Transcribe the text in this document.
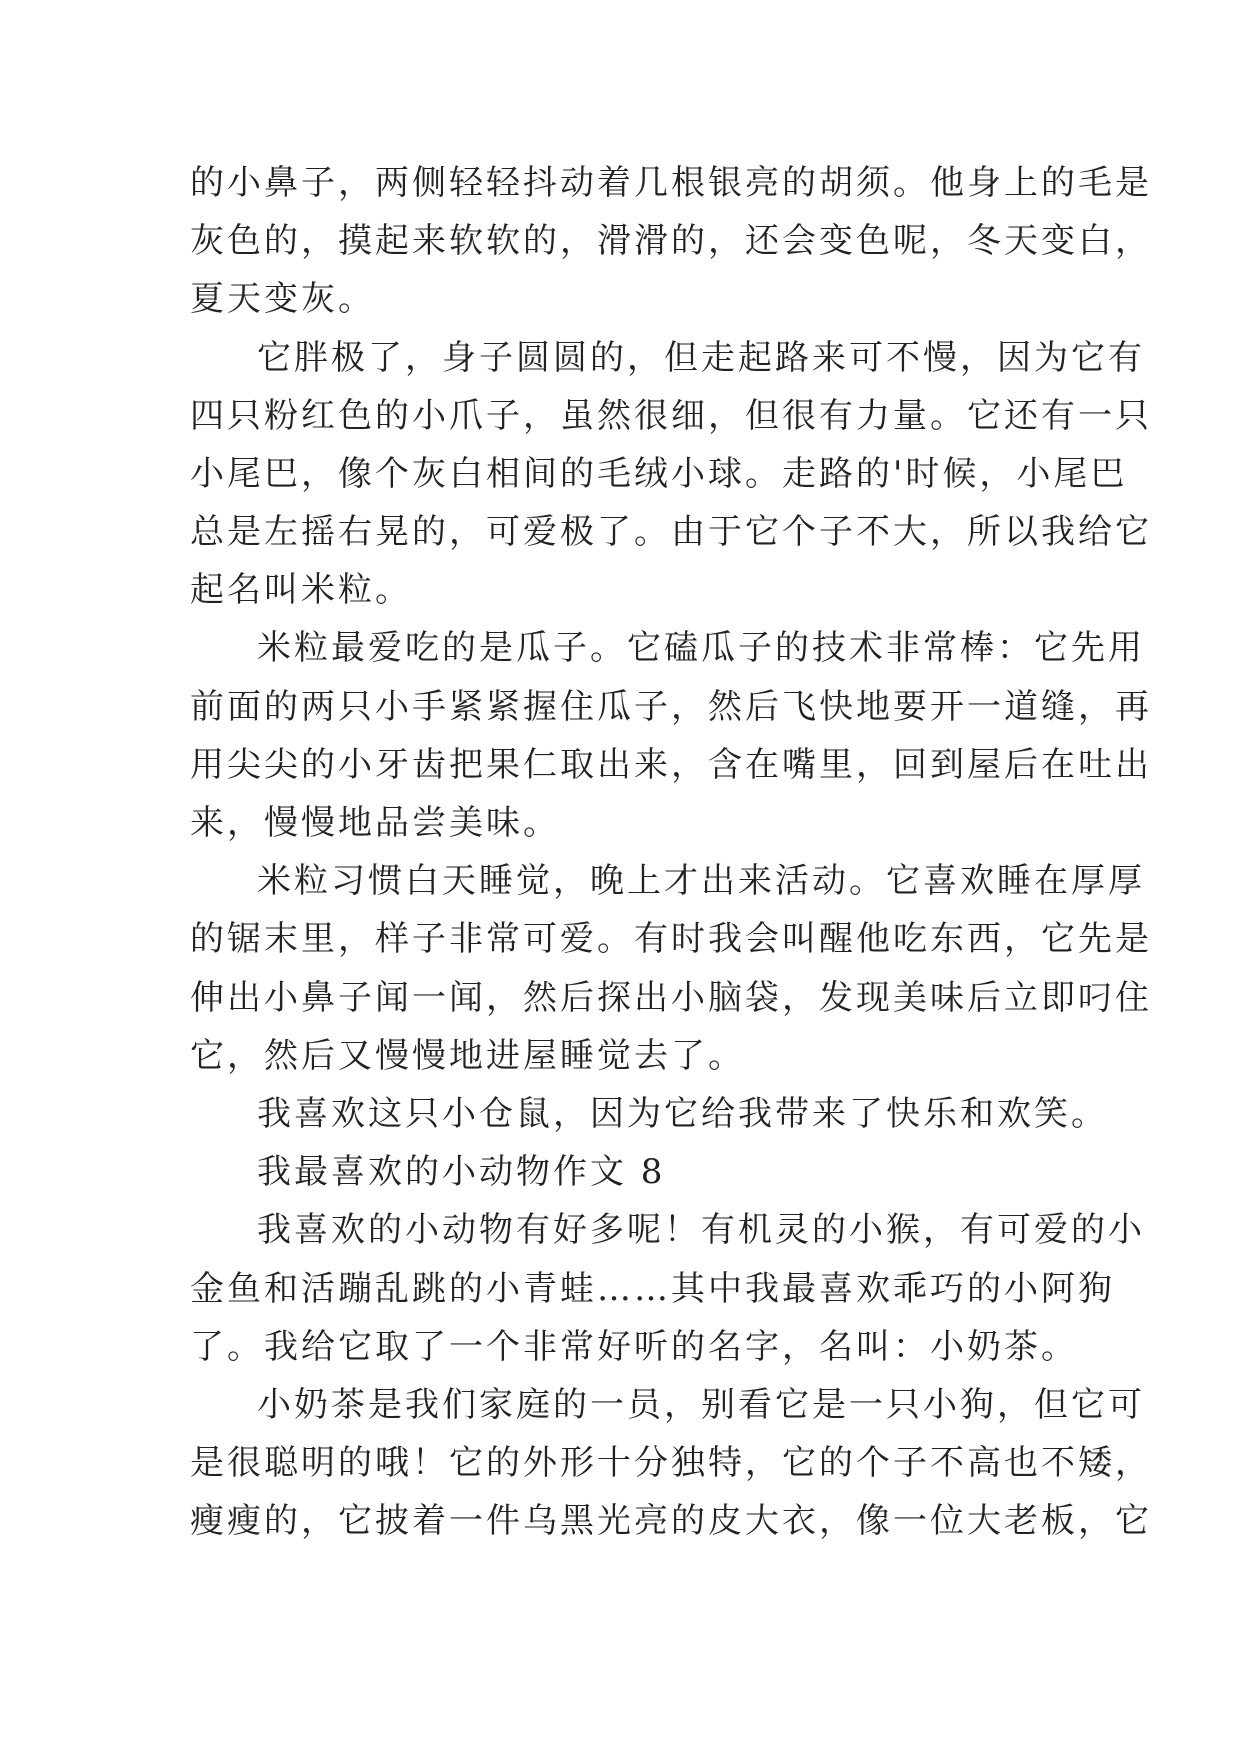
的小鼻子，两侧轻轻抖动着几根银亮的胡须。他身上的毛是
灰色的，摸起来软软的，滑滑的，还会变色呢，冬天变白，
夏天变灰。
它胖极了，身子圆圆的，但走起路来可不慢，因为它有
四只粉红色的小爪子，虽然很细，但很有力量。它还有一只
小尾巴，像个灰白相间的毛绒小球。走路的'时候，小尾巴
总是左摇右晃的，可爱极了。由于它个子不大，所以我给它
起名叫米粒。
米粒最爱吃的是瓜子。它磕瓜子的技术非常棒：它先用
前面的两只小手紧紧握住瓜子，然后飞快地要开一道缝，再
用尖尖的小牙齿把果仁取出来，含在嘴里，回到屋后在吐出
来，慢慢地品尝美味。
米粒习惯白天睡觉，晚上才出来活动。它喜欢睡在厚厚
的锯末里，样子非常可爱。有时我会叫醒他吃东西，它先是
伸出小鼻子闻一闻，然后探出小脑袋，发现美味后立即叼住
它，然后又慢慢地进屋睡觉去了。
我喜欢这只小仓鼠，因为它给我带来了快乐和欢笑。
我最喜欢的小动物作文 8
我喜欢的小动物有好多呢！有机灵的小猴，有可爱的小
金鱼和活蹦乱跳的小青蛙……其中我最喜欢乖巧的小阿狗
了。我给它取了一个非常好听的名字，名叫：小奶茶。
小奶茶是我们家庭的一员，别看它是一只小狗，但它可
是很聪明的哦！它的外形十分独特，它的个子不高也不矮，
瘦瘦的，它披着一件乌黑光亮的皮大衣，像一位大老板，它
